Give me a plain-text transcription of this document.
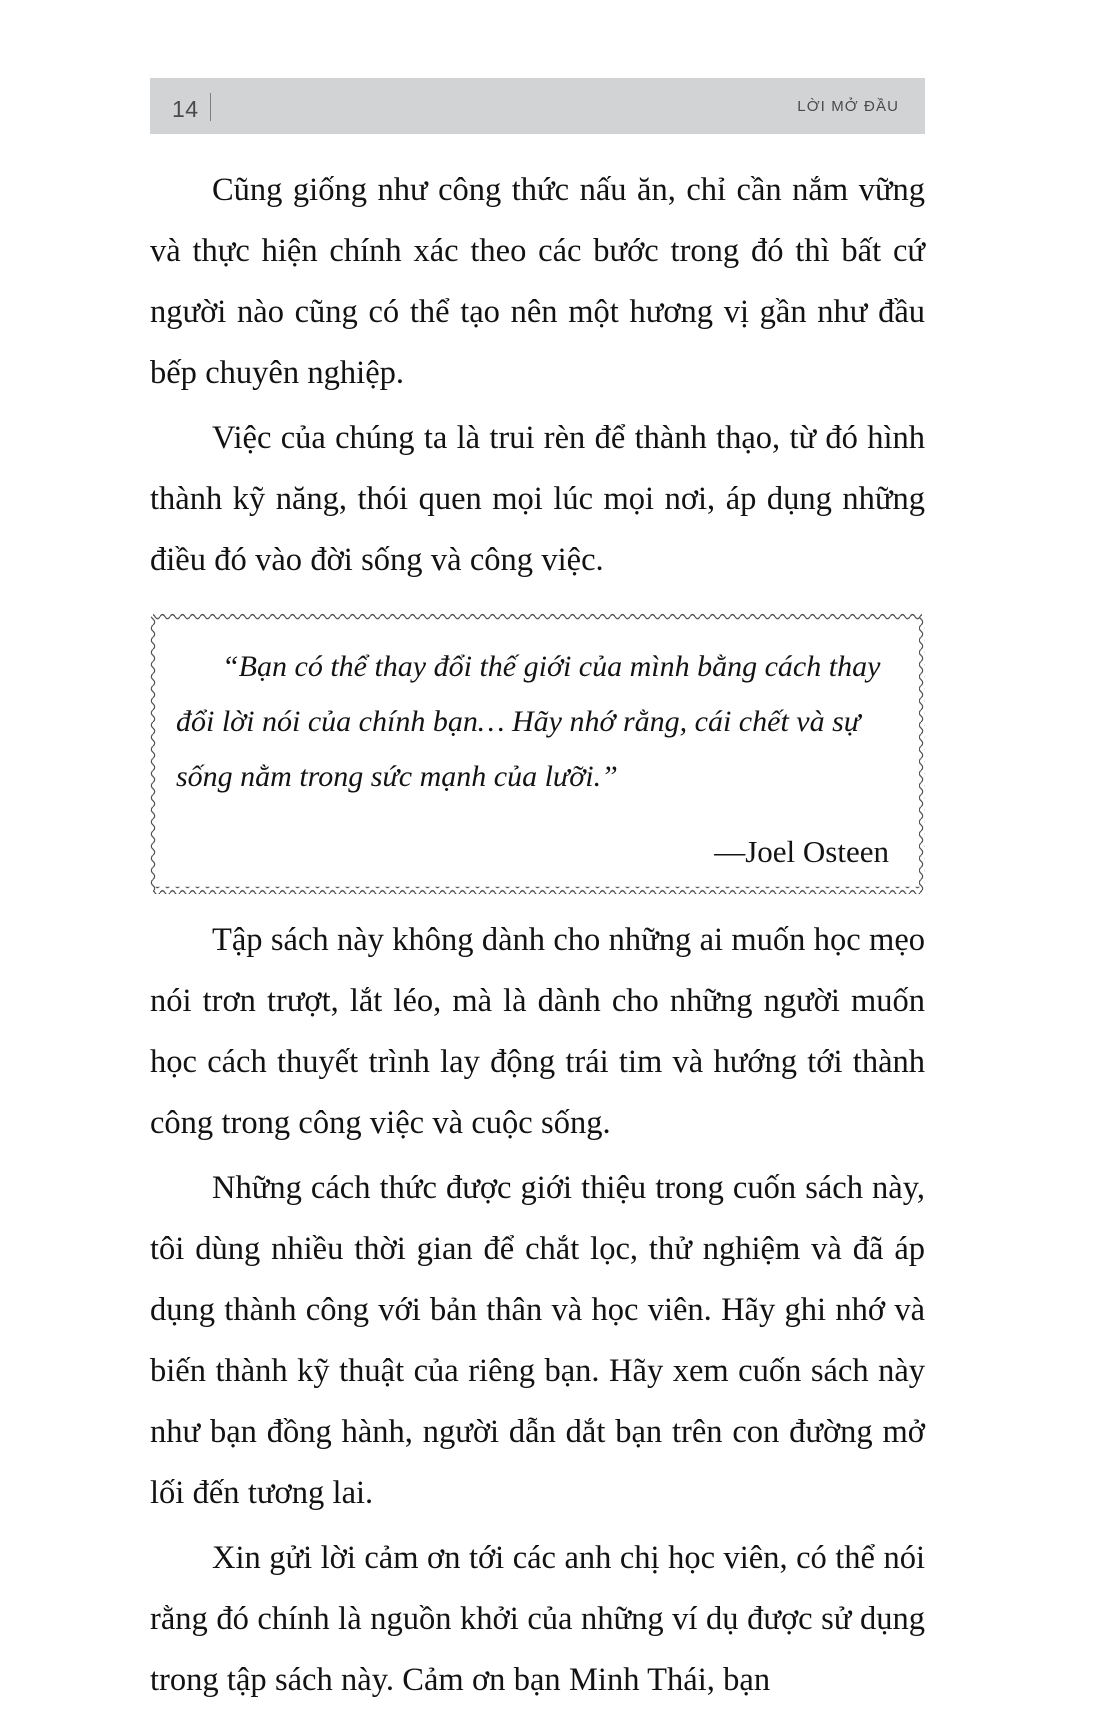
14	LỜI MỞ ĐẦU

Cũng giống như công thức nấu ăn, chỉ cần nắm vững và thực hiện chính xác theo các bước trong đó thì bất cứ người nào cũng có thể tạo nên một hương vị gần như đầu bếp chuyên nghiệp.

Việc của chúng ta là trui rèn để thành thạo, từ đó hình thành kỹ năng, thói quen mọi lúc mọi nơi, áp dụng những điều đó vào đời sống và công việc.

“Bạn có thể thay đổi thế giới của mình bằng cách thay đổi lời nói của chính bạn… Hãy nhớ rằng, cái chết và sự sống nằm trong sức mạnh của lưỡi.”

—Joel Osteen

Tập sách này không dành cho những ai muốn học mẹo nói trơn trượt, lắt léo, mà là dành cho những người muốn học cách thuyết trình lay động trái tim và hướng tới thành công trong công việc và cuộc sống.

Những cách thức được giới thiệu trong cuốn sách này, tôi dùng nhiều thời gian để chắt lọc, thử nghiệm và đã áp dụng thành công với bản thân và học viên. Hãy ghi nhớ và biến thành kỹ thuật của riêng bạn. Hãy xem cuốn sách này như bạn đồng hành, người dẫn dắt bạn trên con đường mở lối đến tương lai.

Xin gửi lời cảm ơn tới các anh chị học viên, có thể nói rằng đó chính là nguồn khởi của những ví dụ được sử dụng trong tập sách này. Cảm ơn bạn Minh Thái, bạn
